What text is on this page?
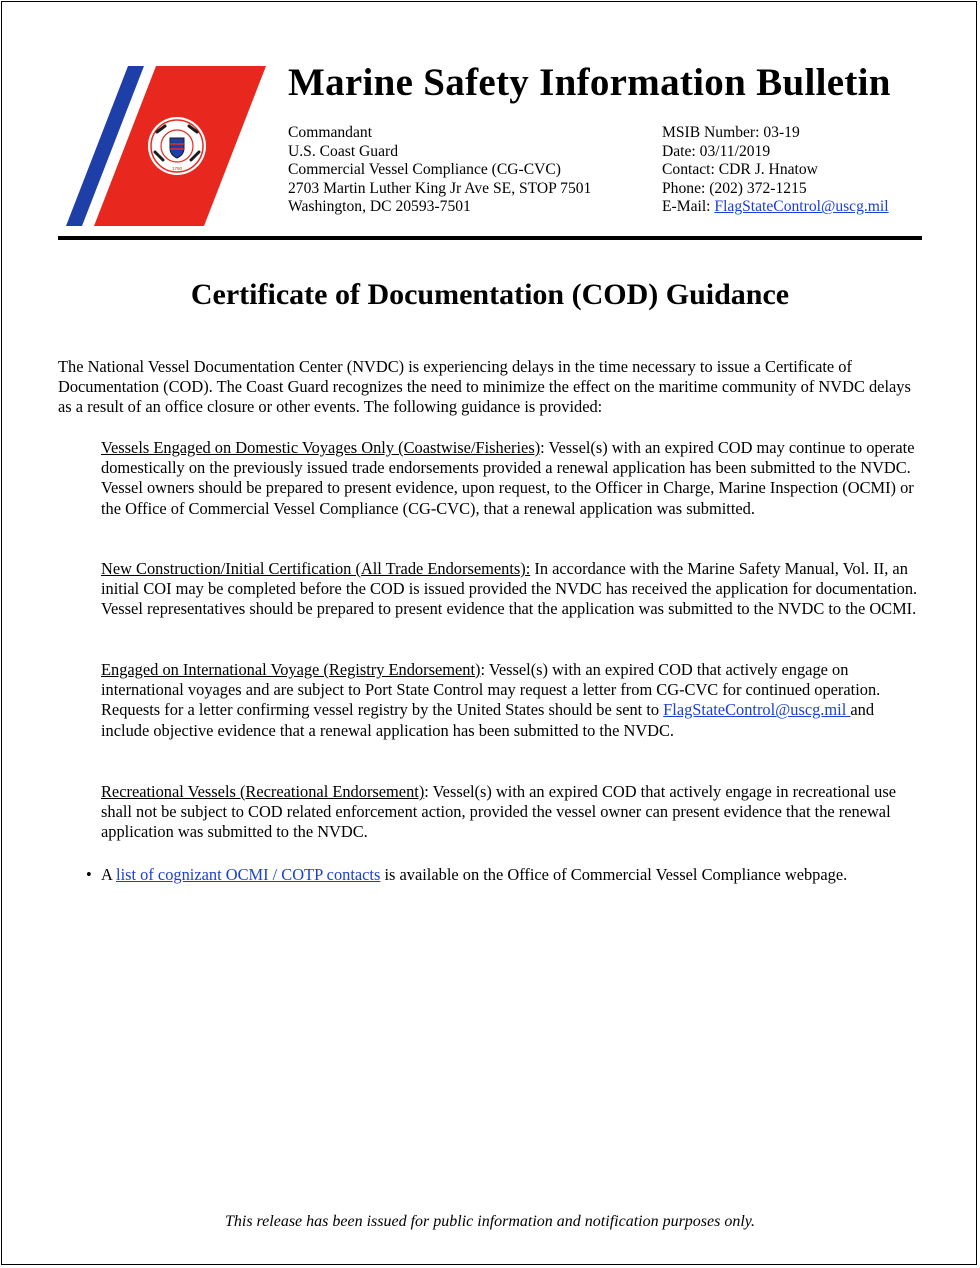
1790
Marine Safety Information Bulletin
Commandant
U.S. Coast Guard
Commercial Vessel Compliance (CG-CVC)
2703 Martin Luther King Jr Ave SE, STOP 7501
Washington, DC 20593-7501
MSIB Number: 03-19
Date: 03/11/2019
Contact: CDR J. Hnatow
Phone: (202) 372-1215
E-Mail: FlagStateControl@uscg.mil
Certificate of Documentation (COD) Guidance
The National Vessel Documentation Center (NVDC) is experiencing delays in the time necessary to issue a Certificate of Documentation (COD). The Coast Guard recognizes the need to minimize the effect on the maritime community of NVDC delays as a result of an office closure or other events. The following guidance is provided:
Vessels Engaged on Domestic Voyages Only (Coastwise/Fisheries): Vessel(s) with an expired COD may continue to operate domestically on the previously issued trade endorsements provided a renewal application has been submitted to the NVDC. Vessel owners should be prepared to present evidence, upon request, to the Officer in Charge, Marine Inspection (OCMI) or the Office of Commercial Vessel Compliance (CG-CVC), that a renewal application was submitted.
New Construction/Initial Certification (All Trade Endorsements): In accordance with the Marine Safety Manual, Vol. II, an initial COI may be completed before the COD is issued provided the NVDC has received the application for documentation. Vessel representatives should be prepared to present evidence that the application was submitted to the NVDC to the OCMI.
Engaged on International Voyage (Registry Endorsement): Vessel(s) with an expired COD that actively engage on international voyages and are subject to Port State Control may request a letter from CG-CVC for continued operation. Requests for a letter confirming vessel registry by the United States should be sent to FlagStateControl@uscg.mil and include objective evidence that a renewal application has been submitted to the NVDC.
Recreational Vessels (Recreational Endorsement): Vessel(s) with an expired COD that actively engage in recreational use shall not be subject to COD related enforcement action, provided the vessel owner can present evidence that the renewal application was submitted to the NVDC.
• A list of cognizant OCMI / COTP contacts is available on the Office of Commercial Vessel Compliance webpage.
This release has been issued for public information and notification purposes only.
